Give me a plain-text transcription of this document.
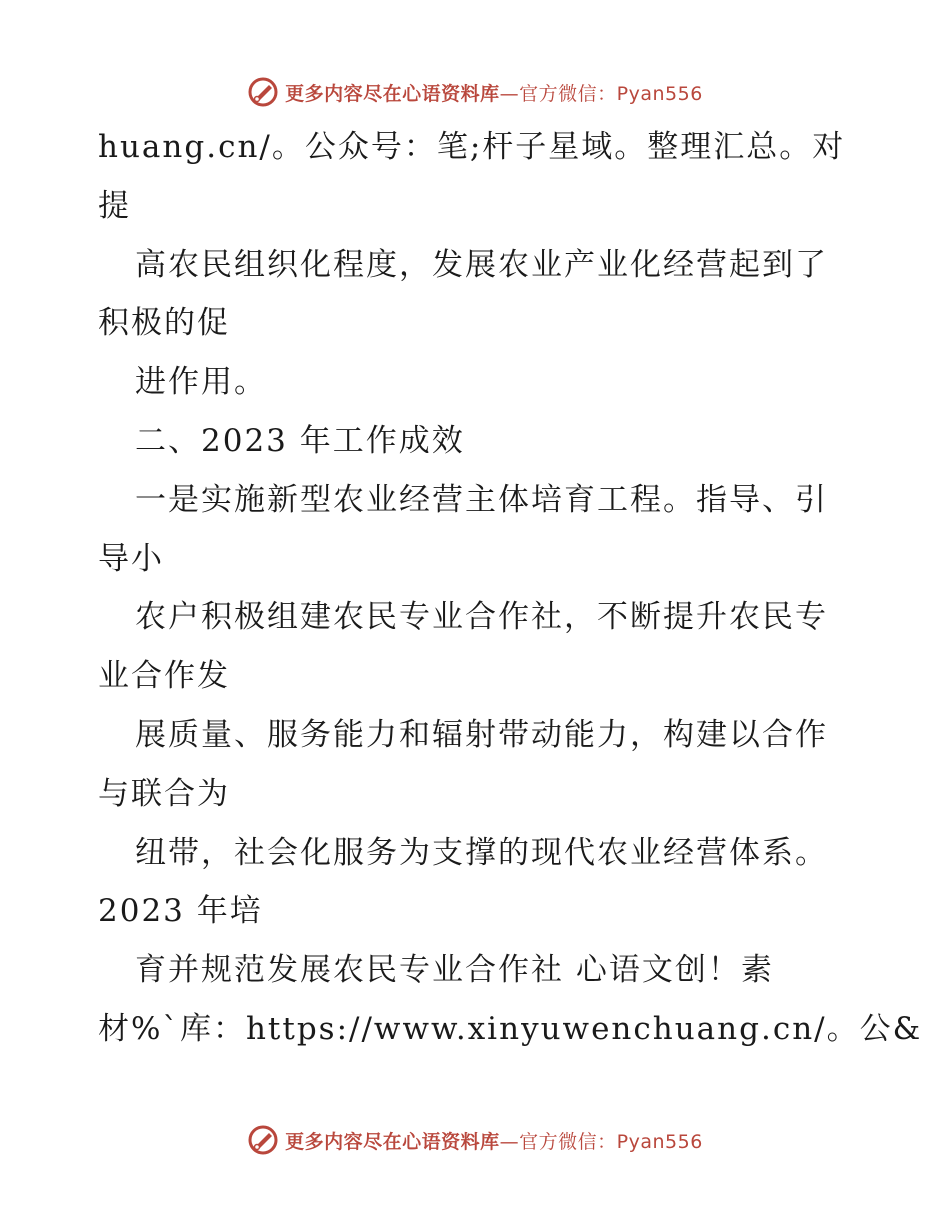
更多内容尽在心语资料库—官方微信：Pyan556
huang.cn/。公众号：笔;杆子星域。整理汇总。对
提
高农民组织化程度，发展农业产业化经营起到了
积极的促
进作用。
二、2023 年工作成效
一是实施新型农业经营主体培育工程。指导、引
导小
农户积极组建农民专业合作社，不断提升农民专
业合作发
展质量、服务能力和辐射带动能力，构建以合作
与联合为
纽带，社会化服务为支撑的现代农业经营体系。
2023 年培
育并规范发展农民专业合作社 心语文创！素
材%`库：https://www.xinyuwenchuang.cn/。公&
更多内容尽在心语资料库—官方微信：Pyan556
